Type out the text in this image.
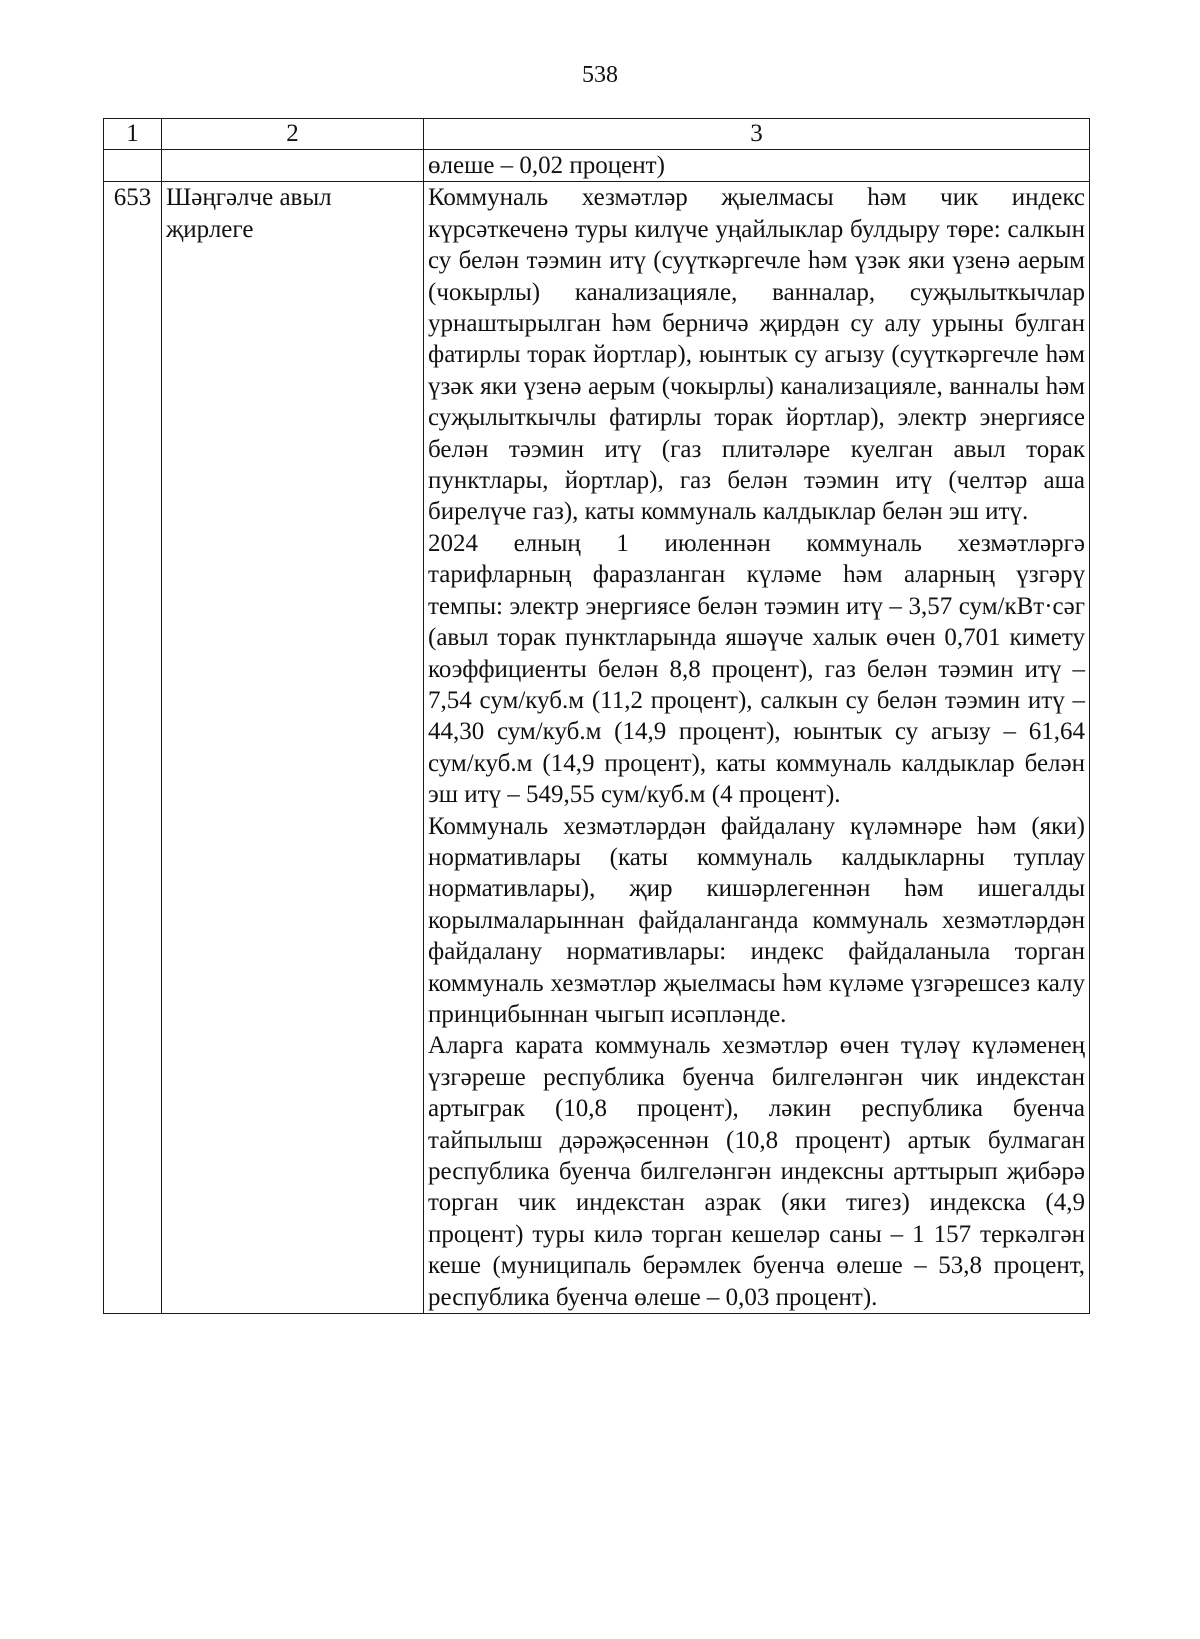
538
1	2	3

		өлеше – 0,02 процент)

653	Шәңгәлче авыл җирлеге	Коммуналь хезмәтләр җыелмасы һәм чик индекс күрсәткеченә туры килүче уңайлыклар булдыру төре: салкын су белән тәэмин итү (суүткәргечле һәм үзәк яки үзенә аерым (чокырлы) канализацияле, ванналар, суҗылыткычлар урнаштырылган һәм берничә җирдән су алу урыны булган фатирлы торак йортлар), юынтык су агызу (суүткәргечле һәм үзәк яки үзенә аерым (чокырлы) канализацияле, ванналы һәм суҗылыткычлы фатирлы торак йортлар), электр энергиясе белән тәэмин итү (газ плитәләре куелган авыл торак пунктлары, йортлар), газ белән тәэмин итү (челтәр аша бирелүче газ), каты коммуналь калдыклар белән эш итү.

2024 елның 1 июленнән коммуналь хезмәтләргә тарифларның фаразланган күләме һәм аларның үзгәрү темпы: электр энергиясе белән тәэмин итү – 3,57 сум/кВт·сәг (авыл торак пунктларында яшәүче халык өчен 0,701 кимету коэффициенты белән 8,8 процент), газ белән тәэмин итү – 7,54 сум/куб.м (11,2 процент), салкын су белән тәэмин итү – 44,30 сум/куб.м (14,9 процент), юынтык су агызу – 61,64 сум/куб.м (14,9 процент), каты коммуналь калдыклар белән эш итү – 549,55 сум/куб.м (4 процент).

Коммуналь хезмәтләрдән файдалану күләмнәре һәм (яки) нормативлары (каты коммуналь калдыкларны туплау нормативлары), җир кишәрлегеннән һәм ишегалды корылмаларыннан файдаланганда коммуналь хезмәтләрдән файдалану нормативлары: индекс файдаланыла торган коммуналь хезмәтләр җыелмасы һәм күләме үзгәрешсез калу принцибыннан чыгып исәпләнде.

Аларга карата коммуналь хезмәтләр өчен түләү күләменең үзгәреше республика буенча билгеләнгән чик индекстан артыграк (10,8 процент), ләкин республика буенча тайпылыш дәрәҗәсеннән (10,8 процент) артык булмаган республика буенча билгеләнгән индексны арттырып җибәрә торган чик индекстан азрак (яки тигез) индекска (4,9 процент) туры килә торган кешеләр саны – 1 157 теркәлгән кеше (муниципаль берәмлек буенча өлеше – 53,8 процент, республика буенча өлеше – 0,03 процент).
